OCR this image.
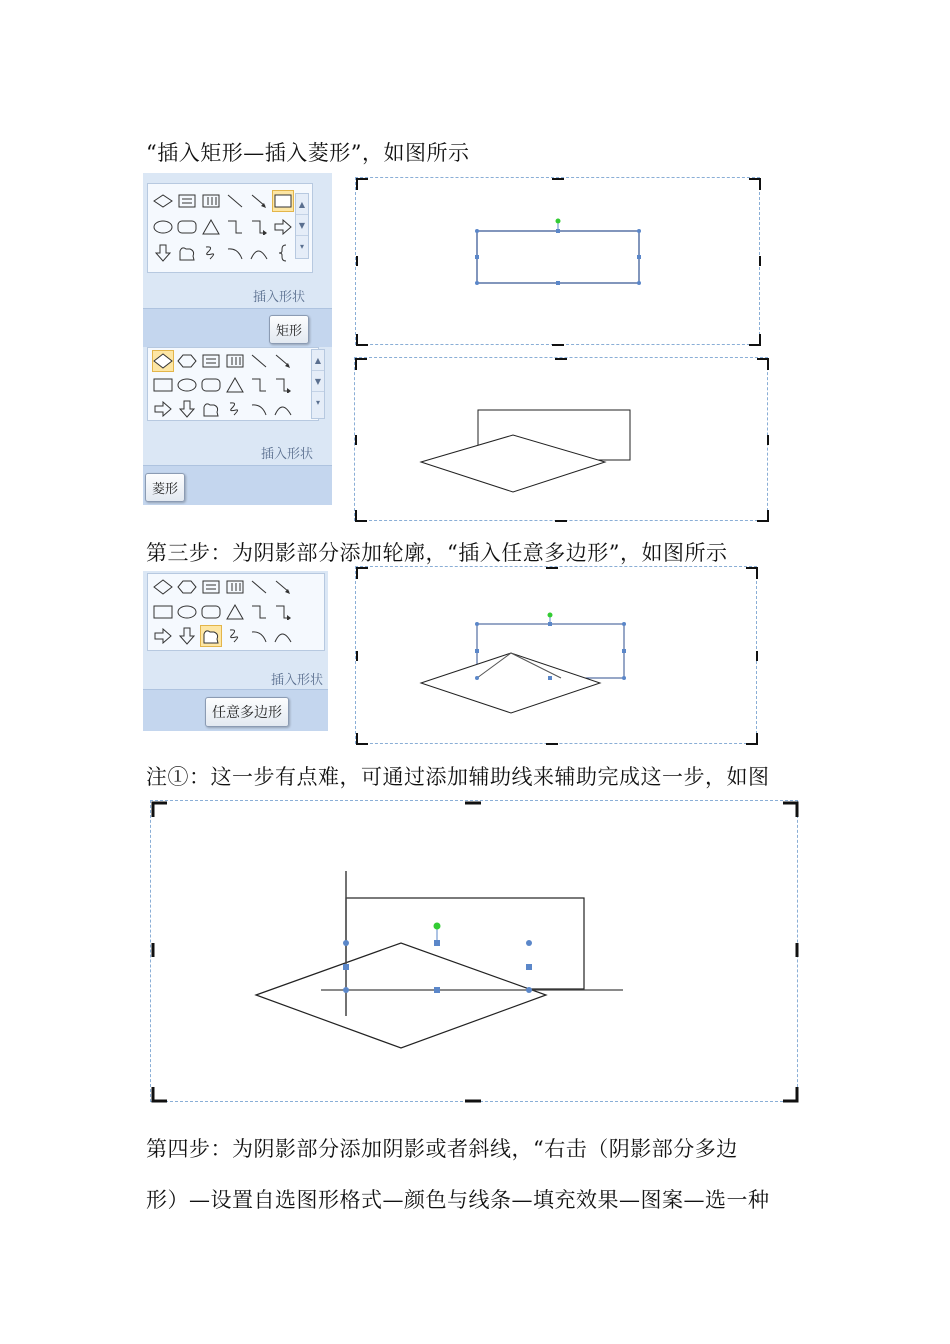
“插入矩形—插入菱形”，如图所示
▲
▼
▾
插入形状
矩形
▲
▼
▾
插入形状
菱形
第三步：为阴影部分添加轮廓，“插入任意多边形”，如图所示
插入形状
任意多边形
注①：这一步有点难，可通过添加辅助线来辅助完成这一步，如图
第四步：为阴影部分添加阴影或者斜线，“右击（阴影部分多边
形）—设置自选图形格式—颜色与线条—填充效果—图案—选一种
